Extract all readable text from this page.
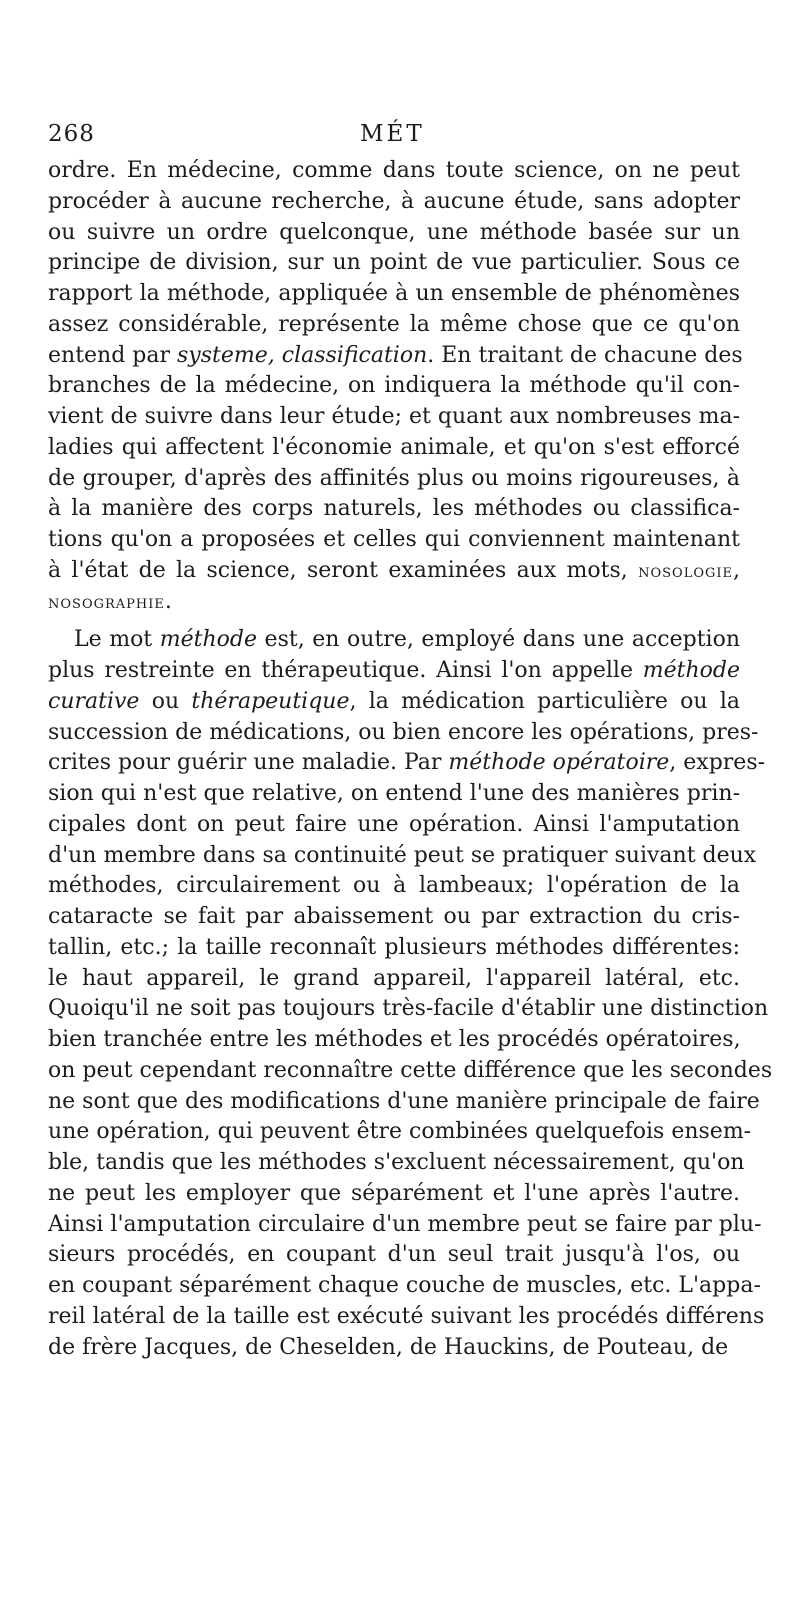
268	MÉT
ordre. En médecine, comme dans toute science, on ne peut
procéder à aucune recherche, à aucune étude, sans adopter
ou suivre un ordre quelconque, une méthode basée sur un
principe de division, sur un point de vue particulier. Sous ce
rapport la méthode, appliquée à un ensemble de phénomènes
assez considérable, représente la même chose que ce qu'on
entend par systeme, classification. En traitant de chacune des
branches de la médecine, on indiquera la méthode qu'il con-
vient de suivre dans leur étude; et quant aux nombreuses ma-
ladies qui affectent l'économie animale, et qu'on s'est efforcé
de grouper, d'après des affinités plus ou moins rigoureuses, à
à la manière des corps naturels, les méthodes ou classifica-
tions qu'on a proposées et celles qui conviennent maintenant
à l'état de la science, seront examinées aux mots, nosologie,
nosographie.
Le mot méthode est, en outre, employé dans une acception
plus restreinte en thérapeutique. Ainsi l'on appelle méthode
curative ou thérapeutique, la médication particulière ou la
succession de médications, ou bien encore les opérations, pres-
crites pour guérir une maladie. Par méthode opératoire, expres-
sion qui n'est que relative, on entend l'une des manières prin-
cipales dont on peut faire une opération. Ainsi l'amputation
d'un membre dans sa continuité peut se pratiquer suivant deux
méthodes, circulairement ou à lambeaux; l'opération de la
cataracte se fait par abaissement ou par extraction du cris-
tallin, etc.; la taille reconnaît plusieurs méthodes différentes:
le haut appareil, le grand appareil, l'appareil latéral, etc.
Quoiqu'il ne soit pas toujours très-facile d'établir une distinction
bien tranchée entre les méthodes et les procédés opératoires,
on peut cependant reconnaître cette différence que les secondes
ne sont que des modifications d'une manière principale de faire
une opération, qui peuvent être combinées quelquefois ensem-
ble, tandis que les méthodes s'excluent nécessairement, qu'on
ne peut les employer que séparément et l'une après l'autre.
Ainsi l'amputation circulaire d'un membre peut se faire par plu-
sieurs procédés, en coupant d'un seul trait jusqu'à l'os, ou
en coupant séparément chaque couche de muscles, etc. L'appa-
reil latéral de la taille est exécuté suivant les procédés différens
de frère Jacques, de Cheselden, de Hauckins, de Pouteau, de
